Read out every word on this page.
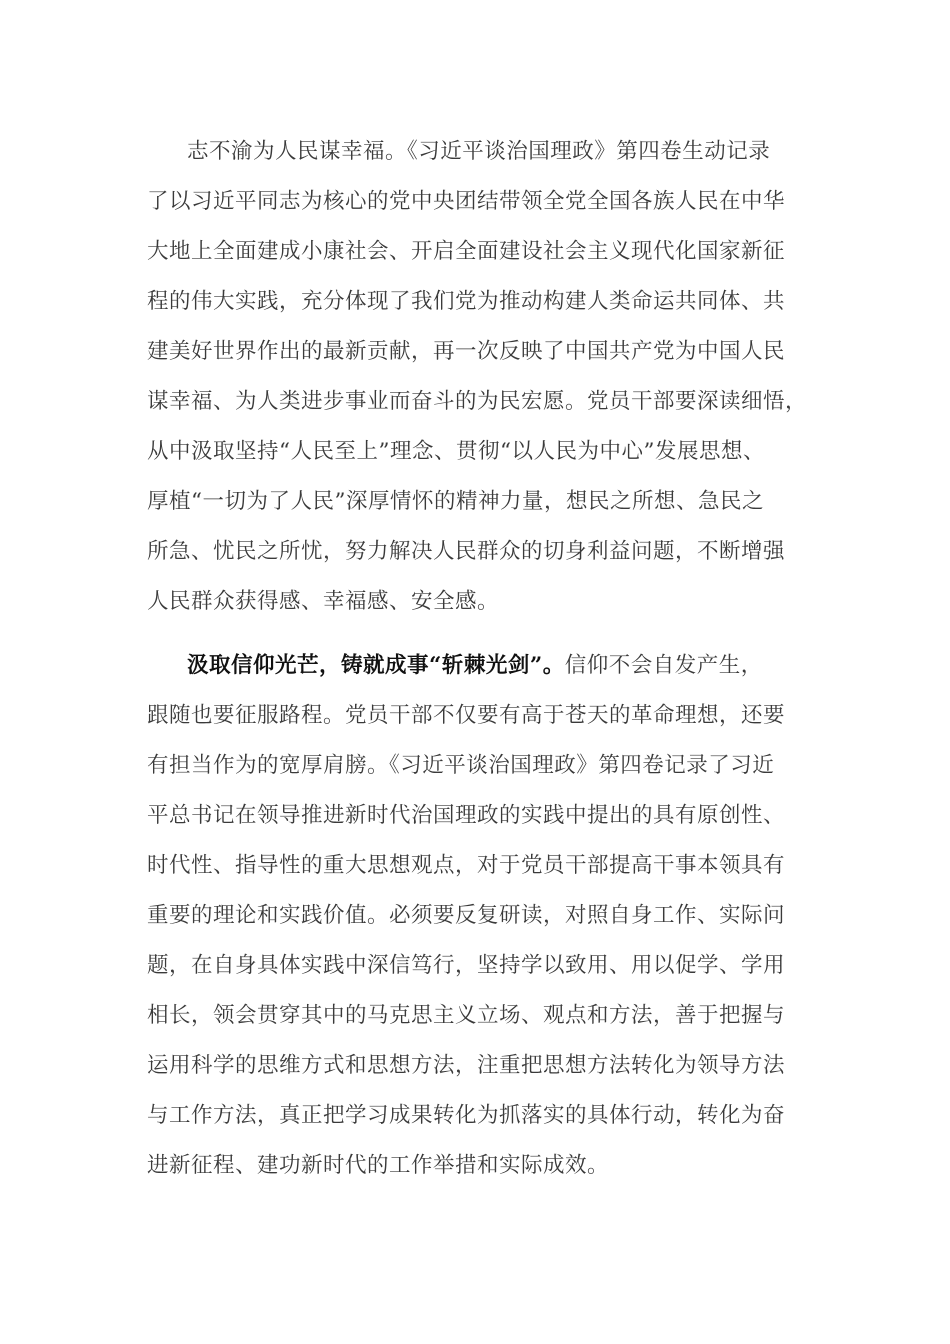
志不渝为人民谋幸福。《习近平谈治国理政》第四卷生动记录
了以习近平同志为核心的党中央团结带领全党全国各族人民在中华
大地上全面建成小康社会、开启全面建设社会主义现代化国家新征
程的伟大实践，充分体现了我们党为推动构建人类命运共同体、共
建美好世界作出的最新贡献，再一次反映了中国共产党为中国人民
谋幸福、为人类进步事业而奋斗的为民宏愿。党员干部要深读细悟，
从中汲取坚持“人民至上”理念、贯彻“以人民为中心”发展思想、
厚植“一切为了人民”深厚情怀的精神力量，想民之所想、急民之
所急、忧民之所忧，努力解决人民群众的切身利益问题，不断增强
人民群众获得感、幸福感、安全感。
汲取信仰光芒，铸就成事“斩棘光剑”。信仰不会自发产生，
跟随也要征服路程。党员干部不仅要有高于苍天的革命理想，还要
有担当作为的宽厚肩膀。《习近平谈治国理政》第四卷记录了习近
平总书记在领导推进新时代治国理政的实践中提出的具有原创性、
时代性、指导性的重大思想观点，对于党员干部提高干事本领具有
重要的理论和实践价值。必须要反复研读，对照自身工作、实际问
题，在自身具体实践中深信笃行，坚持学以致用、用以促学、学用
相长，领会贯穿其中的马克思主义立场、观点和方法，善于把握与
运用科学的思维方式和思想方法，注重把思想方法转化为领导方法
与工作方法，真正把学习成果转化为抓落实的具体行动，转化为奋
进新征程、建功新时代的工作举措和实际成效。
